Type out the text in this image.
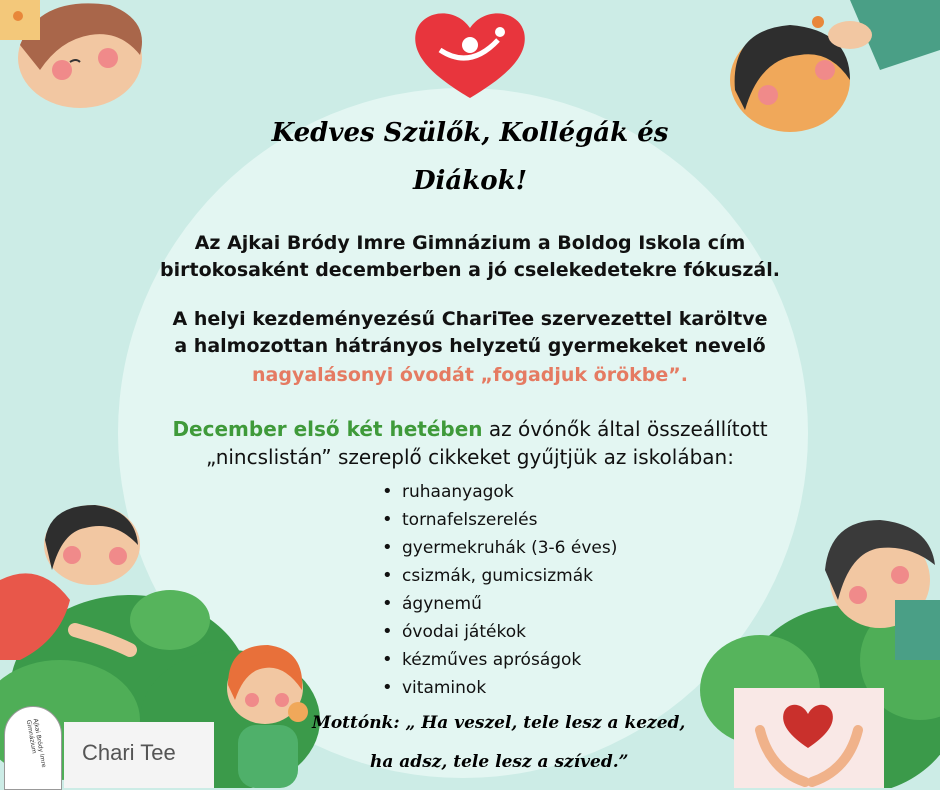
Kedves Szülők, Kollégák és
Diákok!
Az Ajkai Bródy Imre Gimnázium a Boldog Iskola cím
birtokosaként decemberben a jó cselekedetekre fókuszál.
A helyi kezdeményezésű ChariTee szervezettel karöltve
a halmozottan hátrányos helyzetű gyermekeket nevelő
nagyalásonyi óvodát „fogadjuk örökbe”.
December első két hetében az óvónők által összeállított
„nincslistán” szereplő cikkeket gyűjtjük az iskolában:
• ruhaanyagok
• tornafelszerelés
• gyermekruhák (3-6 éves)
• csizmák, gumicsizmák
• ágynemű
• óvodai játékok
• kézműves apróságok
• vitaminok
Mottónk: „ Ha veszel, tele lesz a kezed,
ha adsz, tele lesz a szíved.”
Ajkai Bródy Imre Gimnázium	Chari Tee
